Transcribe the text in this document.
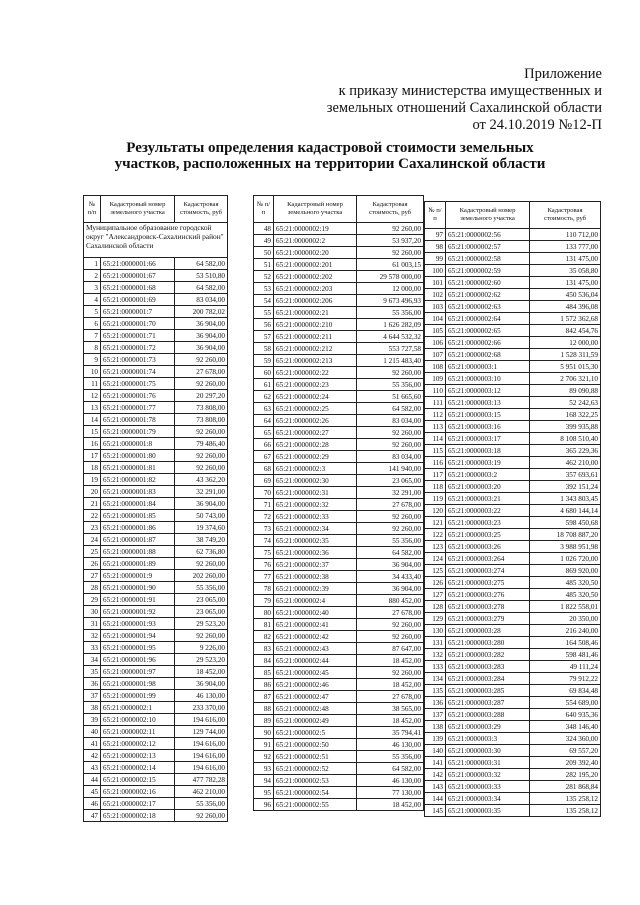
Приложение
к приказу министерства имущественных и
земельных отношений Сахалинской области
от 24.10.2019 №12-П
Результаты определения кадастровой стоимости земельных
участков, расположенных на территории Сахалинской области
№ п/п	Кадастровый номер земельного участка	Кадастровая стоимость, руб
Муниципальное образование городской округ "Александровск-Сахалинский район" Сахалинской области		
1	65:21:0000001:66	64 582,00
2	65:21:0000001:67	53 510,80
3	65:21:0000001:68	64 582,00
4	65:21:0000001:69	83 034,00
5	65:21:0000001:7	200 782,02
6	65:21:0000001:70	36 904,00
7	65:21:0000001:71	36 904,00
8	65:21:0000001:72	36 904,00
9	65:21:0000001:73	92 260,00
10	65:21:0000001:74	27 678,00
11	65:21:0000001:75	92 260,00
12	65:21:0000001:76	20 297,20
13	65:21:0000001:77	73 808,00
14	65:21:0000001:78	73 808,00
15	65:21:0000001:79	92 260,00
16	65:21:0000001:8	79 486,40
17	65:21:0000001:80	92 260,00
18	65:21:0000001:81	92 260,00
19	65:21:0000001:82	43 362,20
20	65:21:0000001:83	32 291,00
21	65:21:0000001:84	36 904,00
22	65:21:0000001:85	50 743,00
23	65:21:0000001:86	19 374,60
24	65:21:0000001:87	38 749,20
25	65:21:0000001:88	62 736,80
26	65:21:0000001:89	92 260,00
27	65:21:0000001:9	202 260,00
28	65:21:0000001:90	55 356,00
29	65:21:0000001:91	23 065,00
30	65:21:0000001:92	23 065,00
31	65:21:0000001:93	29 523,20
32	65:21:0000001:94	92 260,00
33	65:21:0000001:95	9 226,00
34	65:21:0000001:96	29 523,20
35	65:21:0000001:97	18 452,00
36	65:21:0000001:98	36 904,00
37	65:21:0000001:99	46 130,00
38	65:21:0000002:1	233 370,00
39	65:21:0000002:10	194 616,00
40	65:21:0000002:11	129 744,00
41	65:21:0000002:12	194 616,00
42	65:21:0000002:13	194 616,00
43	65:21:0000002:14	194 616,00
44	65:21:0000002:15	477 782,28
45	65:21:0000002:16	462 210,00
46	65:21:0000002:17	55 356,00
47	65:21:0000002:18	92 260,00
№ п/п	Кадастровый номер земельного участка	Кадастровая стоимость, руб
48	65:21:0000002:19	92 260,00
49	65:21:0000002:2	53 937,20
50	65:21:0000002:20	92 260,00
51	65:21:0000002:201	61 003,15
52	65:21:0000002:202	29 578 000,00
53	65:21:0000002:203	12 000,00
54	65:21:0000002:206	9 673 496,93
55	65:21:0000002:21	55 356,00
56	65:21:0000002:210	1 626 282,09
57	65:21:0000002:211	4 644 532,32
58	65:21:0000002:212	553 727,58
59	65:21:0000002:213	1 215 483,40
60	65:21:0000002:22	92 260,00
61	65:21:0000002:23	55 356,00
62	65:21:0000002:24	51 665,60
63	65:21:0000002:25	64 582,00
64	65:21:0000002:26	83 034,00
65	65:21:0000002:27	92 260,00
66	65:21:0000002:28	92 260,00
67	65:21:0000002:29	83 034,00
68	65:21:0000002:3	141 940,00
69	65:21:0000002:30	23 065,00
70	65:21:0000002:31	32 291,00
71	65:21:0000002:32	27 678,00
72	65:21:0000002:33	92 260,00
73	65:21:0000002:34	92 260,00
74	65:21:0000002:35	55 356,00
75	65:21:0000002:36	64 582,00
76	65:21:0000002:37	36 904,00
77	65:21:0000002:38	34 433,40
78	65:21:0000002:39	36 904,00
79	65:21:0000002:4	880 452,00
80	65:21:0000002:40	27 678,00
81	65:21:0000002:41	92 260,00
82	65:21:0000002:42	92 260,00
83	65:21:0000002:43	87 647,00
84	65:21:0000002:44	18 452,00
85	65:21:0000002:45	92 260,00
86	65:21:0000002:46	18 452,00
87	65:21:0000002:47	27 678,00
88	65:21:0000002:48	38 565,00
89	65:21:0000002:49	18 452,00
90	65:21:0000002:5	35 794,41
91	65:21:0000002:50	46 130,00
92	65:21:0000002:51	55 356,00
93	65:21:0000002:52	64 582,00
94	65:21:0000002:53	46 130,00
95	65:21:0000002:54	77 130,00
96	65:21:0000002:55	18 452,00
№ п/п	Кадастровый номер земельного участка	Кадастровая стоимость, руб
97	65:21:0000002:56	110 712,00
98	65:21:0000002:57	133 777,00
99	65:21:0000002:58	131 475,00
100	65:21:0000002:59	35 058,80
101	65:21:0000002:60	131 475,00
102	65:21:0000002:62	450 536,04
103	65:21:0000002:63	484 396,08
104	65:21:0000002:64	1 572 362,68
105	65:21:0000002:65	842 454,76
106	65:21:0000002:66	12 000,00
107	65:21:0000002:68	1 528 311,59
108	65:21:0000003:1	5 951 015,30
109	65:21:0000003:10	2 706 321,10
110	65:21:0000003:12	89 090,88
111	65:21:0000003:13	52 242,63
112	65:21:0000003:15	168 322,25
113	65:21:0000003:16	399 935,88
114	65:21:0000003:17	8 108 510,40
115	65:21:0000003:18	365 229,36
116	65:21:0000003:19	462 210,00
117	65:21:0000003:2	357 693,61
118	65:21:0000003:20	392 151,24
119	65:21:0000003:21	1 343 803,45
120	65:21:0000003:22	4 680 144,14
121	65:21:0000003:23	598 450,68
122	65:21:0000003:25	18 708 887,20
123	65:21:0000003:26	3 988 951,98
124	65:21:0000003:264	1 026 720,00
125	65:21:0000003:274	869 920,00
126	65:21:0000003:275	485 320,50
127	65:21:0000003:276	485 320,50
128	65:21:0000003:278	1 822 558,01
129	65:21:0000003:279	20 350,00
130	65:21:0000003:28	216 240,00
131	65:21:0000003:280	164 508,46
132	65:21:0000003:282	598 481,46
133	65:21:0000003:283	49 111,24
134	65:21:0000003:284	79 912,22
135	65:21:0000003:285	69 834,48
136	65:21:0000003:287	554 689,00
137	65:21:0000003:288	640 935,36
138	65:21:0000003:29	348 146,40
139	65:21:0000003:3	324 360,00
140	65:21:0000003:30	69 557,20
141	65:21:0000003:31	209 392,40
142	65:21:0000003:32	282 195,20
143	65:21:0000003:33	281 868,84
144	65:21:0000003:34	135 258,12
145	65:21:0000003:35	135 258,12
